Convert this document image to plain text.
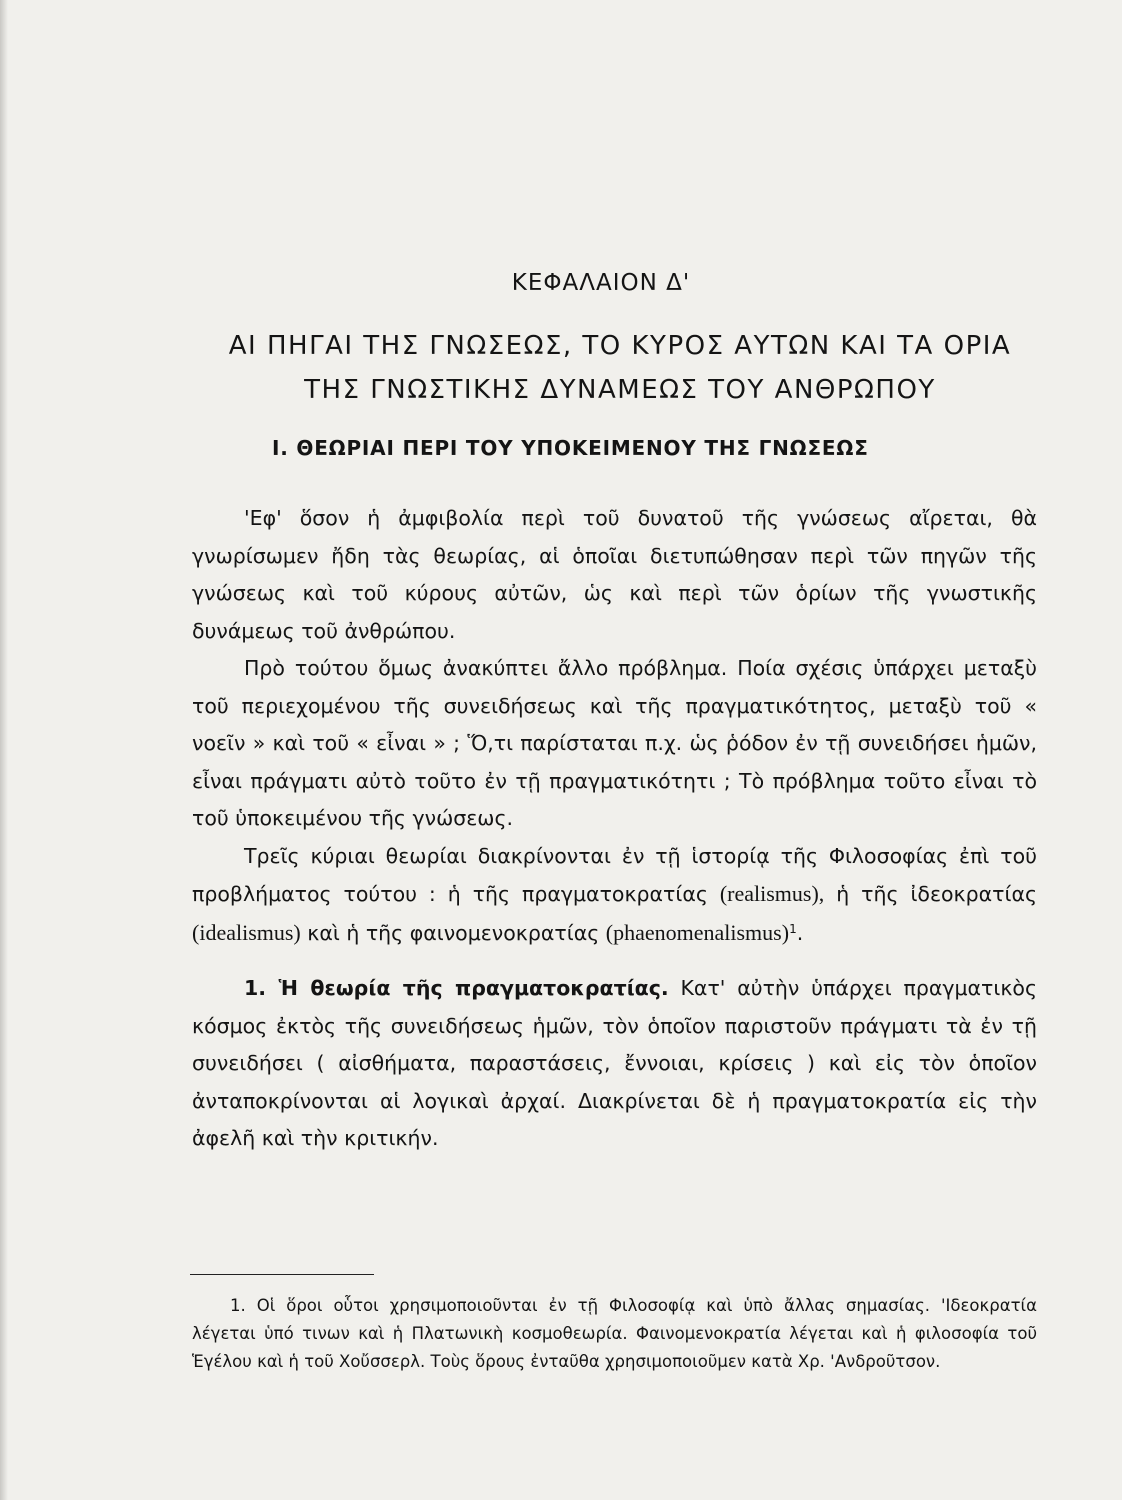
ΚΕΦΑΛΑΙΟΝ Δ'
ΑΙ ΠΗΓΑΙ ΤΗΣ ΓΝΩΣΕΩΣ, ΤΟ ΚΥΡΟΣ ΑΥΤΩΝ ΚΑΙ ΤΑ ΟΡΙΑ
ΤΗΣ ΓΝΩΣΤΙΚΗΣ ΔΥΝΑΜΕΩΣ ΤΟΥ ΑΝΘΡΩΠΟΥ
Ι. ΘΕΩΡΙΑΙ ΠΕΡΙ ΤΟΥ ΥΠΟΚΕΙΜΕΝΟΥ ΤΗΣ ΓΝΩΣΕΩΣ

'Εφ' ὅσον ἡ ἀμφιβολία περὶ τοῦ δυνατοῦ τῆς γνώσεως αἴρεται, θὰ γνωρίσωμεν ἤδη τὰς θεωρίας, αἱ ὁποῖαι διετυπώθησαν περὶ τῶν πηγῶν τῆς γνώσεως καὶ τοῦ κύρους αὐτῶν, ὡς καὶ περὶ τῶν ὁρίων τῆς γνωστικῆς δυνάμεως τοῦ ἀνθρώπου.

Πρὸ τούτου ὅμως ἀνακύπτει ἄλλο πρόβλημα. Ποία σχέσις ὑπάρχει μεταξὺ τοῦ περιεχομένου τῆς συνειδήσεως καὶ τῆς πραγματικότητος, μεταξὺ τοῦ « νοεῖν » καὶ τοῦ « εἶναι » ; Ὅ,τι παρίσταται π.χ. ὡς ῥόδον ἐν τῇ συνειδήσει ἡμῶν, εἶναι πράγματι αὐτὸ τοῦτο ἐν τῇ πραγματικότητι ; Τὸ πρόβλημα τοῦτο εἶναι τὸ τοῦ ὑποκειμένου τῆς γνώσεως.

Τρεῖς κύριαι θεωρίαι διακρίνονται ἐν τῇ ἱστορίᾳ τῆς Φιλοσοφίας ἐπὶ τοῦ προβλήματος τούτου : ἡ τῆς πραγματοκρατίας (realismus), ἡ τῆς ἰδεοκρατίας (idealismus) καὶ ἡ τῆς φαινομενοκρατίας (phaenomenalismus)$^1$.

1. Ἡ θεωρία τῆς πραγματοκρατίας. Κατ' αὐτὴν ὑπάρχει πραγματικὸς κόσμος ἐκτὸς τῆς συνειδήσεως ἡμῶν, τὸν ὁποῖον παριστοῦν πράγματι τὰ ἐν τῇ συνειδήσει ( αἰσθήματα, παραστάσεις, ἔννοιαι, κρίσεις ) καὶ εἰς τὸν ὁποῖον ἀνταποκρίνονται αἱ λογικαὶ ἀρχαί. Διακρίνεται δὲ ἡ πραγματοκρατία εἰς τὴν ἀφελῆ καὶ τὴν κριτικήν.

1. Οἱ ὅροι οὗτοι χρησιμοποιοῦνται ἐν τῇ Φιλοσοφίᾳ καὶ ὑπὸ ἄλλας σημασίας. 'Ιδεοκρατία λέγεται ὑπό τινων καὶ ἡ Πλατωνικὴ κοσμοθεωρία. Φαινομενοκρατία λέγεται καὶ ἡ φιλοσοφία τοῦ Ἑγέλου καὶ ἡ τοῦ Χοὔσσερλ. Τοὺς ὅρους ἐνταῦθα χρησιμοποιοῦμεν κατὰ Χρ. 'Ανδροῦτσον.
